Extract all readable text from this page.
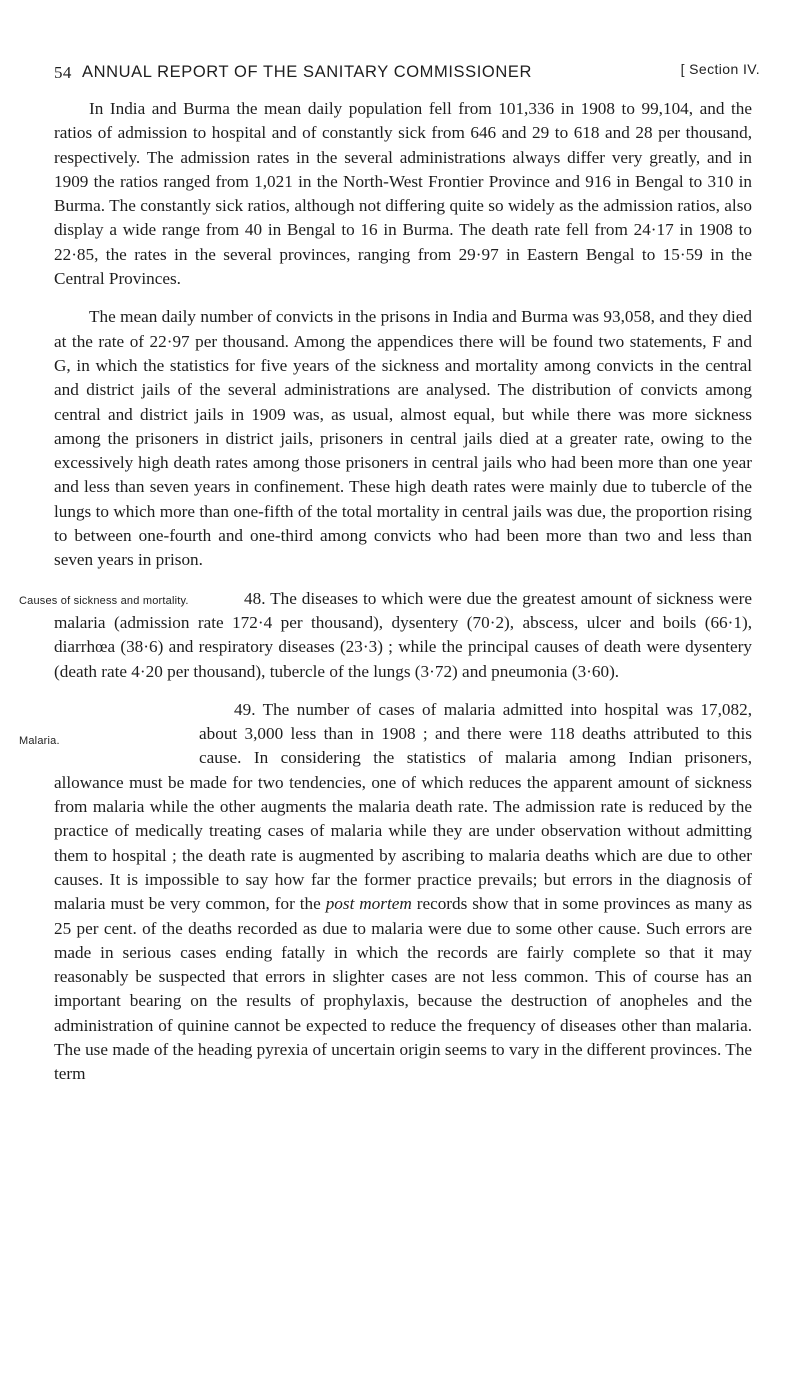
54 ANNUAL REPORT OF THE SANITARY COMMISSIONER	[ Section IV.

In India and Burma the mean daily population fell from 101,336 in 1908 to 99,104, and the ratios of admission to hospital and of constantly sick from 646 and 29 to 618 and 28 per thousand, respectively. The admission rates in the several administrations always differ very greatly, and in 1909 the ratios ranged from 1,021 in the North-West Frontier Province and 916 in Bengal to 310 in Burma. The constantly sick ratios, although not differing quite so widely as the admission ratios, also display a wide range from 40 in Bengal to 16 in Burma. The death rate fell from 24·17 in 1908 to 22·85, the rates in the several provinces, ranging from 29·97 in Eastern Bengal to 15·59 in the Central Provinces.

The mean daily number of convicts in the prisons in India and Burma was 93,058, and they died at the rate of 22·97 per thousand. Among the appendices there will be found two statements, F and G, in which the statistics for five years of the sickness and mortality among convicts in the central and district jails of the several administrations are analysed. The distribution of convicts among central and district jails in 1909 was, as usual, almost equal, but while there was more sickness among the prisoners in district jails, prisoners in central jails died at a greater rate, owing to the excessively high death rates among those prisoners in central jails who had been more than one year and less than seven years in confinement. These high death rates were mainly due to tubercle of the lungs to which more than one-fifth of the total mortality in central jails was due, the proportion rising to between one-fourth and one-third among convicts who had been more than two and less than seven years in prison.

Causes of sickness and mortality.	48. The diseases to which were due the greatest amount of sickness were malaria (admission rate 172·4 per thousand), dysentery (70·2), abscess, ulcer and boils (66·1), diarrhœa (38·6) and respiratory diseases (23·3) ; while the principal causes of death were dysentery (death rate 4·20 per thousand), tubercle of the lungs (3·72) and pneumonia (3·60).

Malaria.
49. The number of cases of malaria admitted into hospital was 17,082, about 3,000 less than in 1908 ; and there were 118 deaths attributed to this cause. In considering the statistics of malaria among Indian prisoners, allowance must be made for two tendencies, one of which reduces the apparent amount of sickness from malaria while the other augments the malaria death rate. The admission rate is reduced by the practice of medically treating cases of malaria while they are under observation without admitting them to hospital ; the death rate is augmented by ascribing to malaria deaths which are due to other causes. It is impossible to say how far the former practice prevails; but errors in the diagnosis of malaria must be very common, for the post mortem records show that in some provinces as many as 25 per cent. of the deaths recorded as due to malaria were due to some other cause. Such errors are made in serious cases ending fatally in which the records are fairly complete so that it may reasonably be suspected that errors in slighter cases are not less common. This of course has an important bearing on the results of prophylaxis, because the destruction of anopheles and the administration of quinine cannot be expected to reduce the frequency of diseases other than malaria. The use made of the heading pyrexia of uncertain origin seems to vary in the different provinces. The term
